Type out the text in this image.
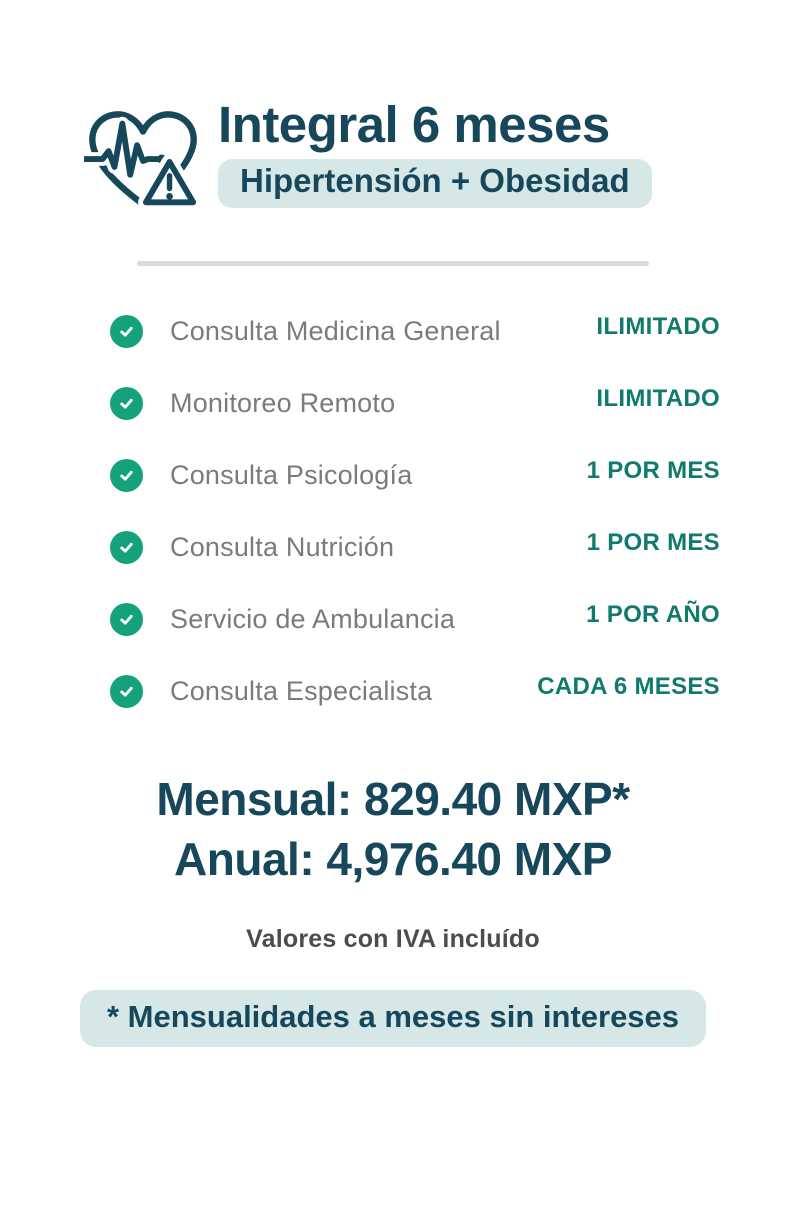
Integral 6 meses
Hipertensión + Obesidad
Consulta Medicina General	ILIMITADO
Monitoreo Remoto	ILIMITADO
Consulta Psicología	1 POR MES
Consulta Nutrición	1 POR MES
Servicio de Ambulancia	1 POR AÑO
Consulta Especialista	CADA 6 MESES
Mensual: 829.40 MXP*
Anual: 4,976.40 MXP
Valores con IVA incluído
* Mensualidades a meses sin intereses
